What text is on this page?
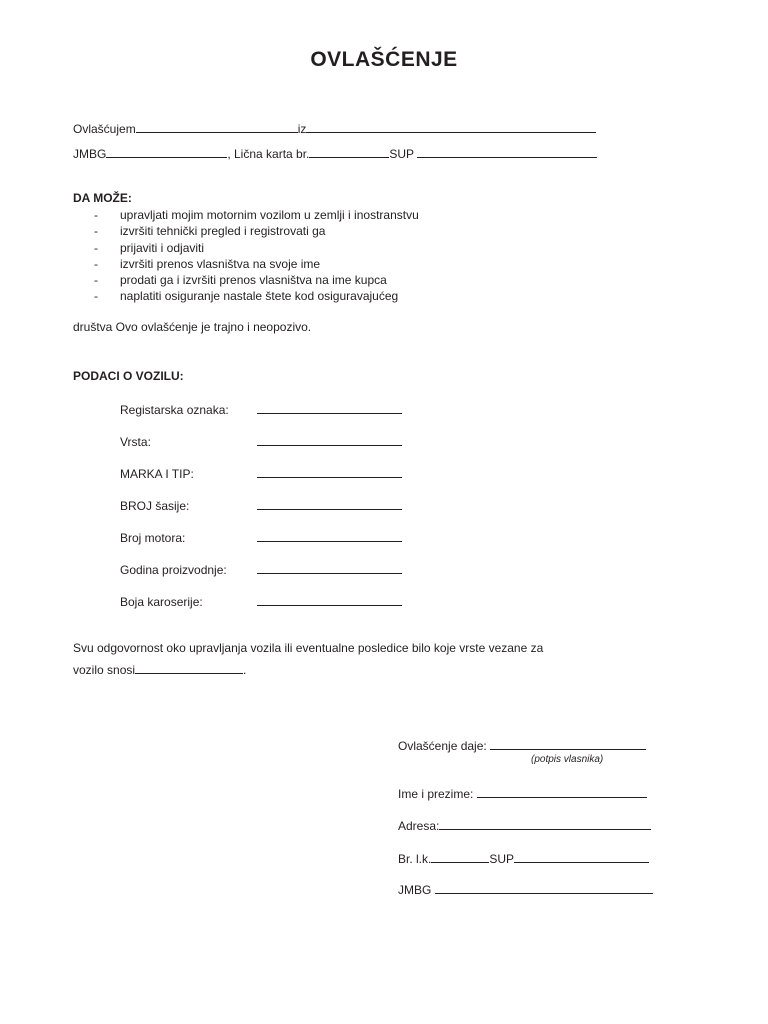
OVLAŠĆENJE
Ovlašćujem	iz
JMBG	, Lična karta br.	SUP
DA MOŽE:
- upravljati mojim motornim vozilom u zemlji i inostranstvu
- izvršiti tehnički pregled i registrovati ga
- prijaviti i odjaviti
- izvršiti prenos vlasništva na svoje ime
- prodati ga i izvršiti prenos vlasništva na ime kupca
- naplatiti osiguranje nastale štete kod osiguravajućeg
društva Ovo ovlašćenje je trajno i neopozivo.
PODACI O VOZILU:
Registarska oznaka:
Vrsta:
MARKA I TIP:
BROJ šasije:
Broj motora:
Godina proizvodnje:
Boja karoserije:
Svu odgovornost oko upravljanja vozila ili eventualne posledice bilo koje vrste vezane za
vozilo snosi	.
Ovlašćenje daje:
(potpis vlasnika)
Ime i prezime:
Adresa:
Br. l.k.	SUP
JMBG
